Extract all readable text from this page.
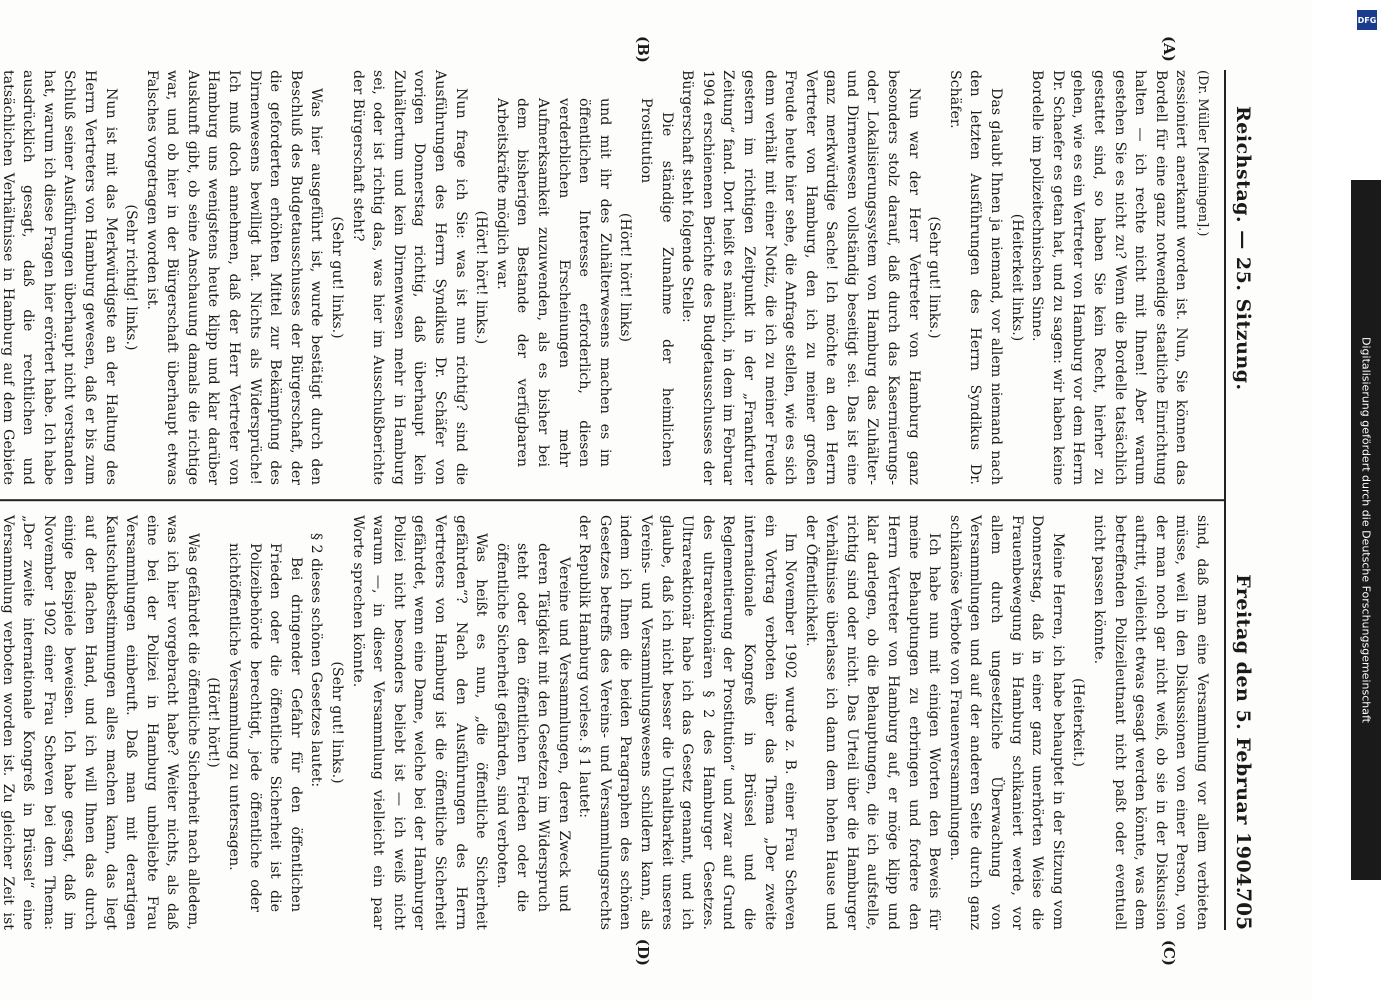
DFG
Digitalisierung gefördert durch die Deutsche Forschungsgemeinschaft
Reichstag. — 25. Sitzung.
Freitag den 5. Februar 1904.
705
(A)
(B)
(C)
(D)

(Dr. Müller [Meiningen].)

zessioniert anerkannt worden ist. Nun, Sie können das Bordell für eine ganz notwendige staatliche Einrichtung halten — ich rechte nicht mit Ihnen! Aber warum gestehen Sie es nicht zu? Wenn die Bordelle tatsächlich gestattet sind, so haben Sie kein Recht, hierher zu gehen, wie es ein Vertreter von Hamburg vor dem Herrn Dr. Schaefer es getan hat, und zu sagen: wir haben keine Bordelle im polizeitechnischen Sinne.

(Heiterkeit links.)

Das glaubt Ihnen ja niemand, vor allem niemand nach den letzten Ausführungen des Herrn Syndikus Dr. Schäfer.

(Sehr gut! links.)

Nun war der Herr Vertreter von Hamburg ganz besonders stolz darauf, daß durch das Kasernierungs- oder Lokalisierungssystem von Hamburg das Zuhälter- und Dirnenwesen vollständig beseitigt sei. Das ist eine ganz merkwürdige Sache! Ich möchte an den Herrn Vertreter von Hamburg, den ich zu meiner großen Freude heute hier sehe, die Anfrage stellen, wie es sich denn verhält mit einer Notiz, die ich zu meiner Freude gestern im richtigen Zeitpunkt in der „Frankfurter Zeitung“ fand. Dort heißt es nämlich, in dem im Februar 1904 erschienenen Berichte des Budgetausschusses der Bürgerschaft steht folgende Stelle:

Die ständige Zunahme der heimlichen Prostitution

(Hört! hört! links)

und mit ihr des Zuhälterwesens machen es im öffentlichen Interesse erforderlich, diesen verderblichen Erscheinungen mehr Aufmerksamkeit zuzuwenden, als es bisher bei dem bisherigen Bestande der verfügbaren Arbeitskräfte möglich war.

(Hört! hört! links.)

Nun frage ich Sie: was ist nun richtig? sind die Ausführungen des Herrn Syndikus Dr. Schäfer von vorigen Donnerstag richtig, daß überhaupt kein Zuhältertum und kein Dirnenwesen mehr in Hamburg sei, oder ist richtig das, was hier im Ausschußberichte der Bürgerschaft steht?

(Sehr gut! links.)

Was hier ausgeführt ist, wurde bestätigt durch den Beschluß des Budgetausschusses der Bürgerschaft, der die geforderten erhöhten Mittel zur Bekämpfung des Dirnenwesens bewilligt hat. Nichts als Widersprüche! Ich muß doch annehmen, daß der Herr Vertreter von Hamburg uns wenigstens heute klipp und klar darüber Auskunft gibt, ob seine Anschauung damals die richtige war, und ob hier in der Bürgerschaft überhaupt etwas Falsches vorgetragen worden ist.

(Sehr richtig! links.)

Nun ist mit das Merkwürdigste an der Haltung des Herrn Vertreters von Hamburg gewesen, daß er bis zum Schluß seiner Ausführungen überhaupt nicht verstanden hat, warum ich diese Fragen hier erörtert habe. Ich habe ausdrücklich gesagt, daß die rechtlichen und tatsächlichen Verhältnisse in Hamburg auf dem Gebiete

sind, daß man eine Versammlung vor allem verbieten müsse, weil in den Diskussionen von einer Person, von der man noch gar nicht weiß, ob sie in der Diskussion auftritt, vielleicht etwas gesagt werden könnte, was dem betreffenden Polizeileutnant nicht paßt oder eventuell nicht passen könnte.

(Heiterkeit.)

Meine Herren, ich habe behauptet in der Sitzung vom Donnerstag, daß in einer ganz unerhörten Weise die Frauenbewegung in Hamburg schikaniert werde, vor allem durch ungesetzliche Überwachung von Versammlungen und auf der anderen Seite durch ganz schikanöse Verbote von Frauenversammlungen.

Ich habe nun mit einigen Worten den Beweis für meine Behauptungen zu erbringen und fordere den Herrn Vertreter von Hamburg auf, er möge klipp und klar darlegen, ob die Behauptungen, die ich aufstelle, richtig sind oder nicht. Das Urteil über die Hamburger Verhältnisse überlasse ich dann dem hohen Hause und der Öffentlichkeit.

Im November 1902 wurde z. B. einer Frau Scheven ein Vortrag verboten über das Thema „Der zweite internationale Kongreß in Brüssel und die Reglementierung der Prostitution“ und zwar auf Grund des ultrareaktionären § 2 des Hamburger Gesetzes. Ultrareaktionär habe ich das Gesetz genannt, und ich glaube, daß ich nicht besser die Unhaltbarkeit unseres Vereins- und Versammlungswesens schildern kann, als indem ich Ihnen die beiden Paragraphen des schönen Gesetzes betreffs des Vereins- und Versammlungsrechts der Republik Hamburg vorlese. § 1 lautet:

Vereine und Versammlungen, deren Zweck und deren Tätigkeit mit den Gesetzen im Widerspruch steht oder den öffentlichen Frieden oder die öffentliche Sicherheit gefährden, sind verboten.

Was heißt es nun, „die öffentliche Sicherheit gefährden“? Nach den Ausführungen des Herrn Vertreters von Hamburg ist die öffentliche Sicherheit gefährdet, wenn eine Dame, welche bei der Hamburger Polizei nicht besonders beliebt ist — ich weiß nicht warum —, in dieser Versammlung vielleicht ein paar Worte sprechen könnte.

(Sehr gut! links.)

§ 2 dieses schönen Gesetzes lautet:

Bei dringender Gefahr für den öffentlichen Frieden oder die öffentliche Sicherheit ist die Polizeibehörde berechtigt, jede öffentliche oder nichtöffentliche Versammlung zu untersagen.

(Hört! hört!)

Was gefährdet die öffentliche Sicherheit nach alledem, was ich hier vorgebracht habe? Weiter nichts, als daß eine bei der Polizei in Hamburg unbeliebte Frau Versammlungen einberuft. Daß man mit derartigen Kautschukbestimmungen alles machen kann, das liegt auf der flachen Hand, und ich will Ihnen das durch einige Beispiele beweisen. Ich habe gesagt, daß im November 1902 einer Frau Scheven bei dem Thema: „Der zweite internationale Kongreß in Brüssel“ eine Versammlung verboten worden ist. Zu gleicher Zeit ist
